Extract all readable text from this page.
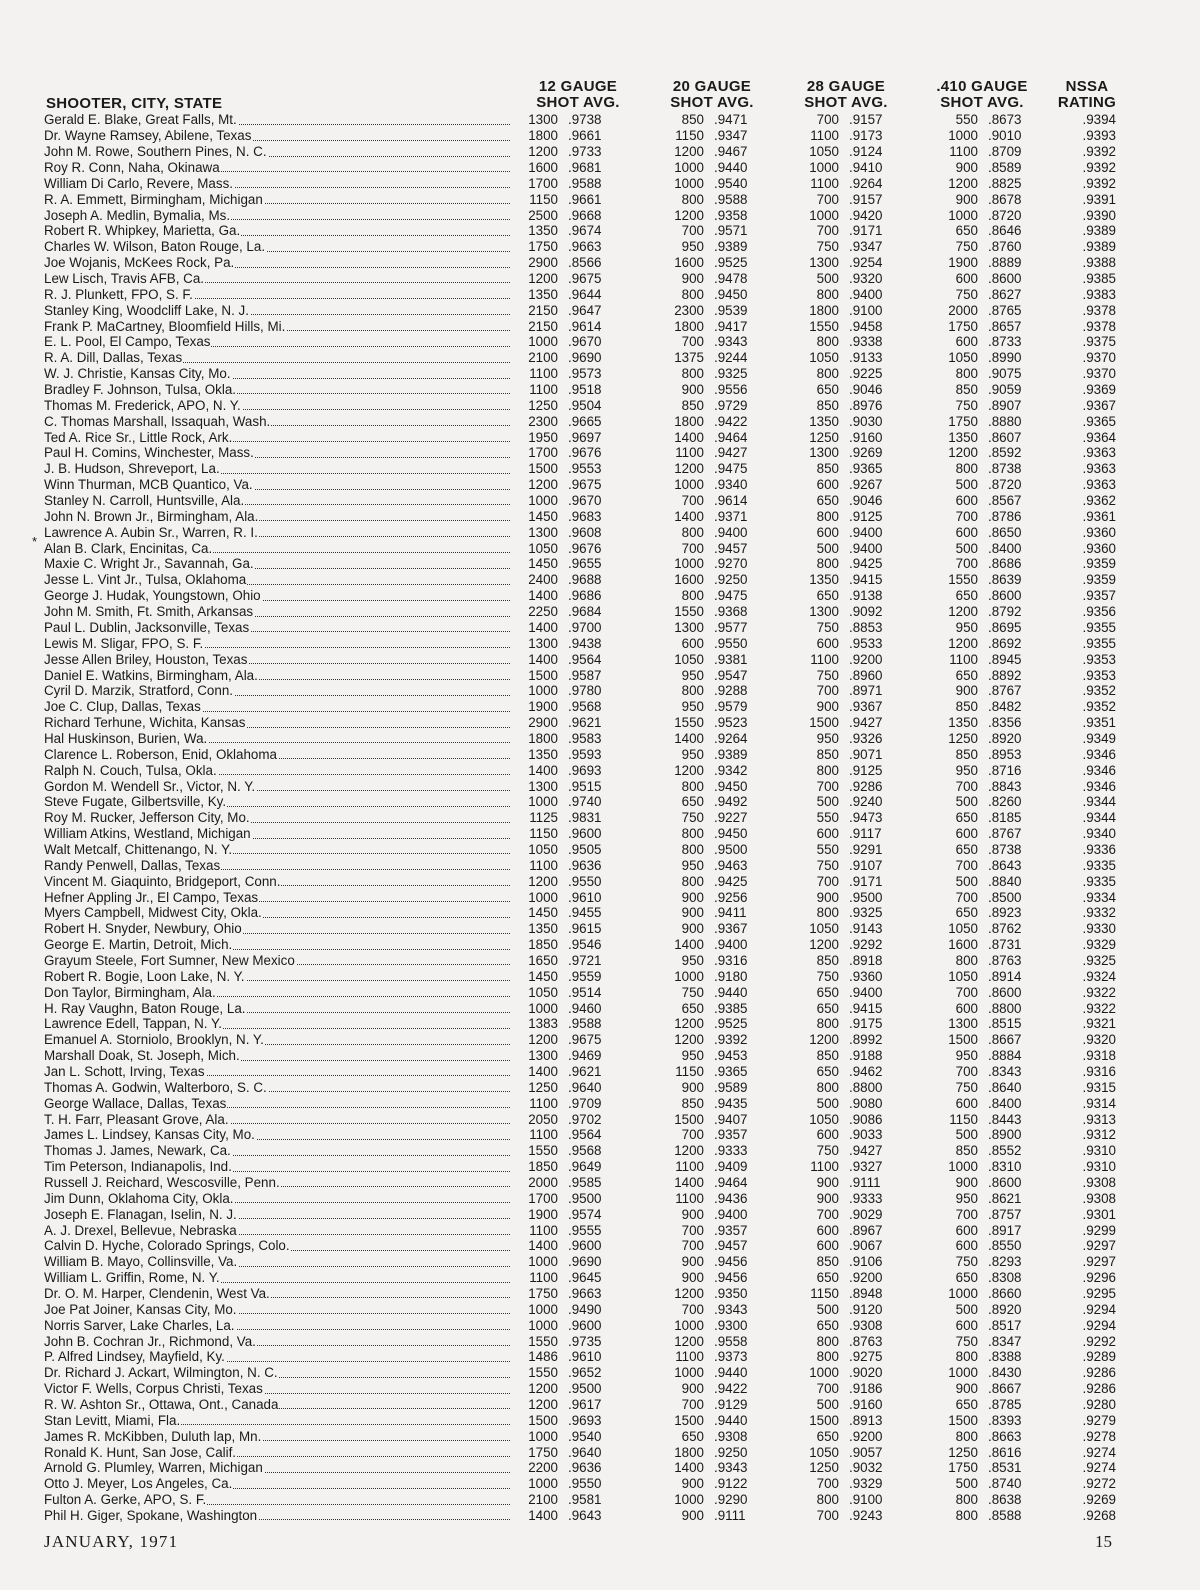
SHOOTER, CITY, STATE
12 GAUGE
SHOT AVG.
20 GAUGE
SHOT AVG.
28 GAUGE
SHOT AVG.
.410 GAUGE
SHOT AVG.
NSSA
RATING
*
Gerald E. Blake, Great Falls, Mt.	1300	.9738	850	.9471	700	.9157	550	.8673	.9394

Dr. Wayne Ramsey, Abilene, Texas	1800	.9661	1150	.9347	1100	.9173	1000	.9010	.9393

John M. Rowe, Southern Pines, N. C.	1200	.9733	1200	.9467	1050	.9124	1100	.8709	.9392

Roy R. Conn, Naha, Okinawa	1600	.9681	1000	.9440	1000	.9410	900	.8589	.9392

William Di Carlo, Revere, Mass.	1700	.9588	1000	.9540	1100	.9264	1200	.8825	.9392

R. A. Emmett, Birmingham, Michigan	1150	.9661	800	.9588	700	.9157	900	.8678	.9391

Joseph A. Medlin, Bymalia, Ms.	2500	.9668	1200	.9358	1000	.9420	1000	.8720	.9390

Robert R. Whipkey, Marietta, Ga.	1350	.9674	700	.9571	700	.9171	650	.8646	.9389

Charles W. Wilson, Baton Rouge, La.	1750	.9663	950	.9389	750	.9347	750	.8760	.9389

Joe Wojanis, McKees Rock, Pa.	2900	.8566	1600	.9525	1300	.9254	1900	.8889	.9388

Lew Lisch, Travis AFB, Ca.	1200	.9675	900	.9478	500	.9320	600	.8600	.9385

R. J. Plunkett, FPO, S. F.	1350	.9644	800	.9450	800	.9400	750	.8627	.9383

Stanley King, Woodcliff Lake, N. J.	2150	.9647	2300	.9539	1800	.9100	2000	.8765	.9378

Frank P. MaCartney, Bloomfield Hills, Mi.	2150	.9614	1800	.9417	1550	.9458	1750	.8657	.9378

E. L. Pool, El Campo, Texas	1000	.9670	700	.9343	800	.9338	600	.8733	.9375

R. A. Dill, Dallas, Texas	2100	.9690	1375	.9244	1050	.9133	1050	.8990	.9370

W. J. Christie, Kansas City, Mo.	1100	.9573	800	.9325	800	.9225	800	.9075	.9370

Bradley F. Johnson, Tulsa, Okla.	1100	.9518	900	.9556	650	.9046	850	.9059	.9369

Thomas M. Frederick, APO, N. Y.	1250	.9504	850	.9729	850	.8976	750	.8907	.9367

C. Thomas Marshall, Issaquah, Wash.	2300	.9665	1800	.9422	1350	.9030	1750	.8880	.9365

Ted A. Rice Sr., Little Rock, Ark.	1950	.9697	1400	.9464	1250	.9160	1350	.8607	.9364

Paul H. Comins, Winchester, Mass.	1700	.9676	1100	.9427	1300	.9269	1200	.8592	.9363

J. B. Hudson, Shreveport, La.	1500	.9553	1200	.9475	850	.9365	800	.8738	.9363

Winn Thurman, MCB Quantico, Va.	1200	.9675	1000	.9340	600	.9267	500	.8720	.9363

Stanley N. Carroll, Huntsville, Ala.	1000	.9670	700	.9614	650	.9046	600	.8567	.9362

John N. Brown Jr., Birmingham, Ala.	1450	.9683	1400	.9371	800	.9125	700	.8786	.9361

Lawrence A. Aubin Sr., Warren, R. I.	1300	.9608	800	.9400	600	.9400	600	.8650	.9360

Alan B. Clark, Encinitas, Ca.	1050	.9676	700	.9457	500	.9400	500	.8400	.9360

Maxie C. Wright Jr., Savannah, Ga.	1450	.9655	1000	.9270	800	.9425	700	.8686	.9359

Jesse L. Vint Jr., Tulsa, Oklahoma	2400	.9688	1600	.9250	1350	.9415	1550	.8639	.9359

George J. Hudak, Youngstown, Ohio	1400	.9686	800	.9475	650	.9138	650	.8600	.9357

John M. Smith, Ft. Smith, Arkansas	2250	.9684	1550	.9368	1300	.9092	1200	.8792	.9356

Paul L. Dublin, Jacksonville, Texas	1400	.9700	1300	.9577	750	.8853	950	.8695	.9355

Lewis M. Sligar, FPO, S. F.	1300	.9438	600	.9550	600	.9533	1200	.8692	.9355

Jesse Allen Briley, Houston, Texas	1400	.9564	1050	.9381	1100	.9200	1100	.8945	.9353

Daniel E. Watkins, Birmingham, Ala.	1500	.9587	950	.9547	750	.8960	650	.8892	.9353

Cyril D. Marzik, Stratford, Conn.	1000	.9780	800	.9288	700	.8971	900	.8767	.9352

Joe C. Clup, Dallas, Texas	1900	.9568	950	.9579	900	.9367	850	.8482	.9352

Richard Terhune, Wichita, Kansas	2900	.9621	1550	.9523	1500	.9427	1350	.8356	.9351

Hal Huskinson, Burien, Wa.	1800	.9583	1400	.9264	950	.9326	1250	.8920	.9349

Clarence L. Roberson, Enid, Oklahoma	1350	.9593	950	.9389	850	.9071	850	.8953	.9346

Ralph N. Couch, Tulsa, Okla.	1400	.9693	1200	.9342	800	.9125	950	.8716	.9346

Gordon M. Wendell Sr., Victor, N. Y.	1300	.9515	800	.9450	700	.9286	700	.8843	.9346

Steve Fugate, Gilbertsville, Ky.	1000	.9740	650	.9492	500	.9240	500	.8260	.9344

Roy M. Rucker, Jefferson City, Mo.	1125	.9831	750	.9227	550	.9473	650	.8185	.9344

William Atkins, Westland, Michigan	1150	.9600	800	.9450	600	.9117	600	.8767	.9340

Walt Metcalf, Chittenango, N. Y.	1050	.9505	800	.9500	550	.9291	650	.8738	.9336

Randy Penwell, Dallas, Texas	1100	.9636	950	.9463	750	.9107	700	.8643	.9335

Vincent M. Giaquinto, Bridgeport, Conn.	1200	.9550	800	.9425	700	.9171	500	.8840	.9335

Hefner Appling Jr., El Campo, Texas	1000	.9610	900	.9256	900	.9500	700	.8500	.9334

Myers Campbell, Midwest City, Okla.	1450	.9455	900	.9411	800	.9325	650	.8923	.9332

Robert H. Snyder, Newbury, Ohio	1350	.9615	900	.9367	1050	.9143	1050	.8762	.9330

George E. Martin, Detroit, Mich.	1850	.9546	1400	.9400	1200	.9292	1600	.8731	.9329

Grayum Steele, Fort Sumner, New Mexico	1650	.9721	950	.9316	850	.8918	800	.8763	.9325

Robert R. Bogie, Loon Lake, N. Y.	1450	.9559	1000	.9180	750	.9360	1050	.8914	.9324

Don Taylor, Birmingham, Ala.	1050	.9514	750	.9440	650	.9400	700	.8600	.9322

H. Ray Vaughn, Baton Rouge, La.	1000	.9460	650	.9385	650	.9415	600	.8800	.9322

Lawrence Edell, Tappan, N. Y.	1383	.9588	1200	.9525	800	.9175	1300	.8515	.9321

Emanuel A. Storniolo, Brooklyn, N. Y.	1200	.9675	1200	.9392	1200	.8992	1500	.8667	.9320

Marshall Doak, St. Joseph, Mich.	1300	.9469	950	.9453	850	.9188	950	.8884	.9318

Jan L. Schott, Irving, Texas	1400	.9621	1150	.9365	650	.9462	700	.8343	.9316

Thomas A. Godwin, Walterboro, S. C.	1250	.9640	900	.9589	800	.8800	750	.8640	.9315

George Wallace, Dallas, Texas	1100	.9709	850	.9435	500	.9080	600	.8400	.9314

T. H. Farr, Pleasant Grove, Ala.	2050	.9702	1500	.9407	1050	.9086	1150	.8443	.9313

James L. Lindsey, Kansas City, Mo.	1100	.9564	700	.9357	600	.9033	500	.8900	.9312

Thomas J. James, Newark, Ca.	1550	.9568	1200	.9333	750	.9427	850	.8552	.9310

Tim Peterson, Indianapolis, Ind.	1850	.9649	1100	.9409	1100	.9327	1000	.8310	.9310

Russell J. Reichard, Wescosville, Penn.	2000	.9585	1400	.9464	900	.9111	900	.8600	.9308

Jim Dunn, Oklahoma City, Okla.	1700	.9500	1100	.9436	900	.9333	950	.8621	.9308

Joseph E. Flanagan, Iselin, N. J.	1900	.9574	900	.9400	700	.9029	700	.8757	.9301

A. J. Drexel, Bellevue, Nebraska	1100	.9555	700	.9357	600	.8967	600	.8917	.9299

Calvin D. Hyche, Colorado Springs, Colo.	1400	.9600	700	.9457	600	.9067	600	.8550	.9297

William B. Mayo, Collinsville, Va.	1000	.9690	900	.9456	850	.9106	750	.8293	.9297

William L. Griffin, Rome, N. Y.	1100	.9645	900	.9456	650	.9200	650	.8308	.9296

Dr. O. M. Harper, Clendenin, West Va.	1750	.9663	1200	.9350	1150	.8948	1000	.8660	.9295

Joe Pat Joiner, Kansas City, Mo.	1000	.9490	700	.9343	500	.9120	500	.8920	.9294

Norris Sarver, Lake Charles, La.	1000	.9600	1000	.9300	650	.9308	600	.8517	.9294

John B. Cochran Jr., Richmond, Va.	1550	.9735	1200	.9558	800	.8763	750	.8347	.9292

P. Alfred Lindsey, Mayfield, Ky.	1486	.9610	1100	.9373	800	.9275	800	.8388	.9289

Dr. Richard J. Ackart, Wilmington, N. C.	1550	.9652	1000	.9440	1000	.9020	1000	.8430	.9286

Victor F. Wells, Corpus Christi, Texas	1200	.9500	900	.9422	700	.9186	900	.8667	.9286

R. W. Ashton Sr., Ottawa, Ont., Canada	1200	.9617	700	.9129	500	.9160	650	.8785	.9280

Stan Levitt, Miami, Fla.	1500	.9693	1500	.9440	1500	.8913	1500	.8393	.9279

James R. McKibben, Duluth lap, Mn.	1000	.9540	650	.9308	650	.9200	800	.8663	.9278

Ronald K. Hunt, San Jose, Calif.	1750	.9640	1800	.9250	1050	.9057	1250	.8616	.9274

Arnold G. Plumley, Warren, Michigan	2200	.9636	1400	.9343	1250	.9032	1750	.8531	.9274

Otto J. Meyer, Los Angeles, Ca.	1000	.9550	900	.9122	700	.9329	500	.8740	.9272

Fulton A. Gerke, APO, S. F.	2100	.9581	1000	.9290	800	.9100	800	.8638	.9269

Phil H. Giger, Spokane, Washington	1400	.9643	900	.9111	700	.9243	800	.8588	.9268
JANUARY, 1971	15
